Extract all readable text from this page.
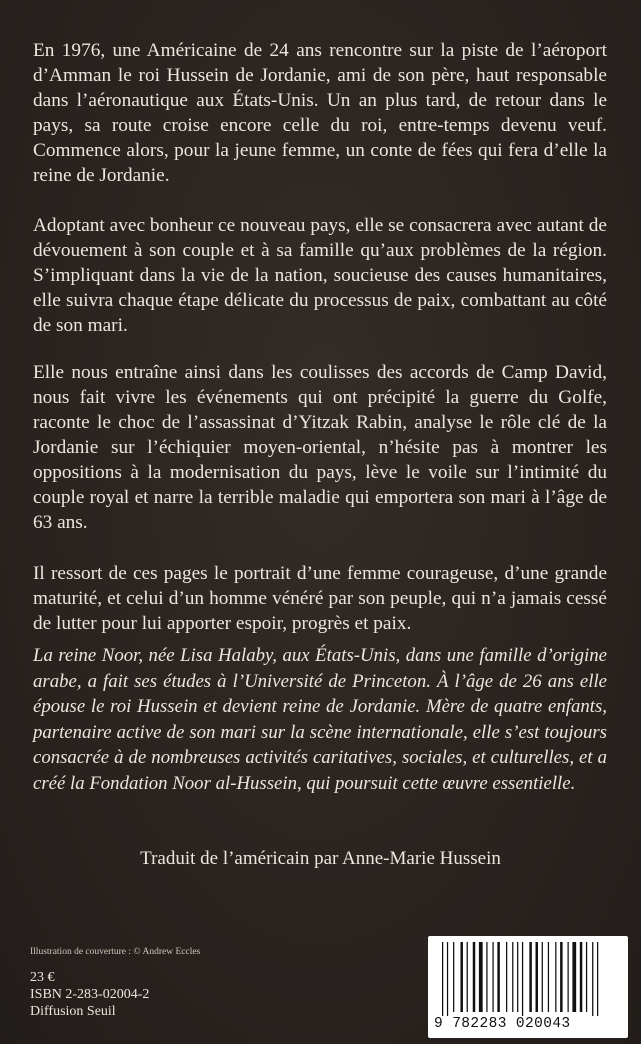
En 1976, une Américaine de 24 ans rencontre sur la piste de l’aéroport d’Amman le roi Hussein de Jordanie, ami de son père, haut responsable dans l’aéronautique aux États-Unis. Un an plus tard, de retour dans le pays, sa route croise encore celle du roi, entre-temps devenu veuf. Commence alors, pour la jeune femme, un conte de fées qui fera d’elle la reine de Jordanie.

Adoptant avec bonheur ce nouveau pays, elle se consacrera avec autant de dévouement à son couple et à sa famille qu’aux problèmes de la région. S’impliquant dans la vie de la nation, soucieuse des causes humanitaires, elle suivra chaque étape délicate du processus de paix, combattant au côté de son mari.

Elle nous entraîne ainsi dans les coulisses des accords de Camp David, nous fait vivre les événements qui ont précipité la guerre du Golfe, raconte le choc de l’assassinat d’Yitzak Rabin, analyse le rôle clé de la Jordanie sur l’échiquier moyen-oriental, n’hésite pas à montrer les oppositions à la modernisation du pays, lève le voile sur l’intimité du couple royal et narre la terrible maladie qui emportera son mari à l’âge de 63 ans.

Il ressort de ces pages le portrait d’une femme courageuse, d’une grande maturité, et celui d’un homme vénéré par son peuple, qui n’a jamais cessé de lutter pour lui apporter espoir, progrès et paix.

La reine Noor, née Lisa Halaby, aux États-Unis, dans une famille d’origine arabe, a fait ses études à l’Université de Princeton. À l’âge de 26 ans elle épouse le roi Hussein et devient reine de Jordanie. Mère de quatre enfants, partenaire active de son mari sur la scène internationale, elle s’est toujours consacrée à de nombreuses activités caritatives, sociales, et culturelles, et a créé la Fondation Noor al-Hussein, qui poursuit cette œuvre essentielle.

Traduit de l’américain par Anne-Marie Hussein
Illustration de couverture : © Andrew Eccles
23 €
ISBN 2-283-02004-2
Diffusion Seuil
9 782283 020043
